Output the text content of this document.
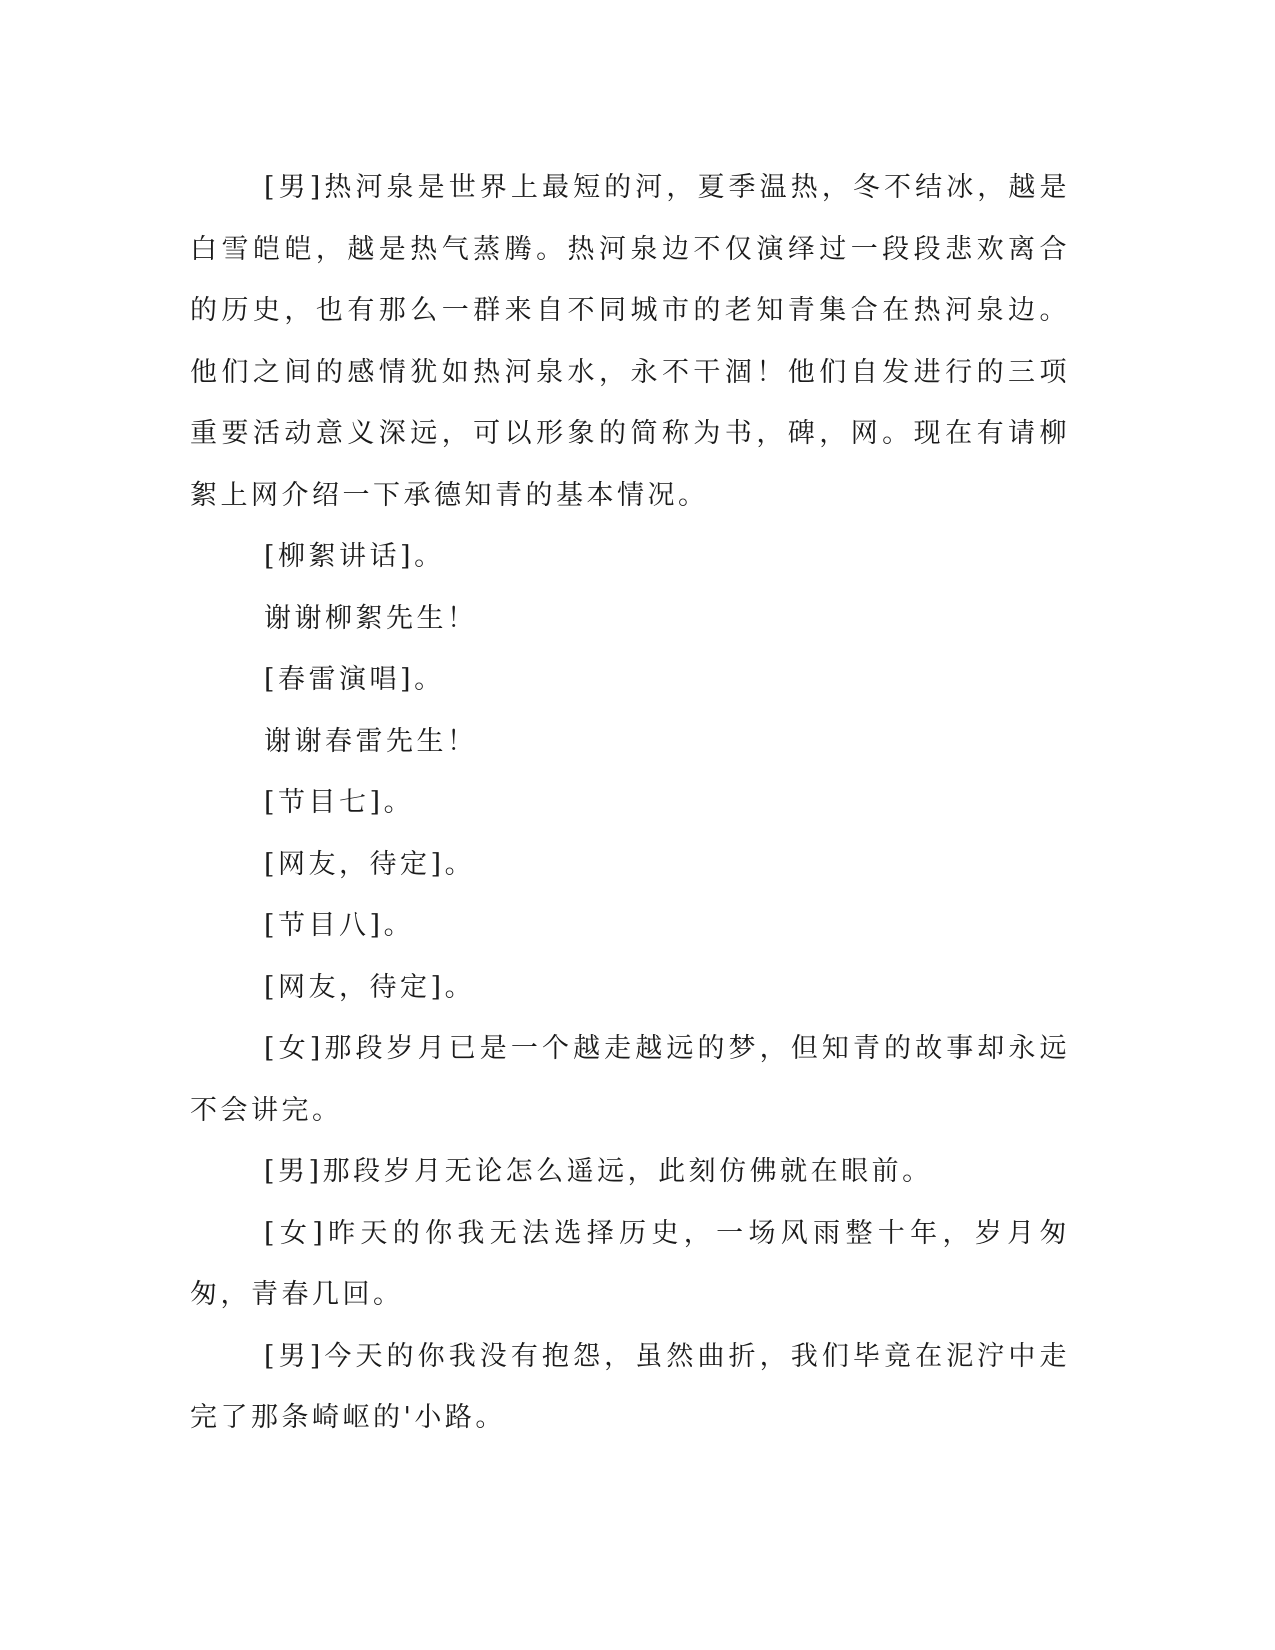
[男]热河泉是世界上最短的河，夏季温热，冬不结冰，越是白雪皑皑，越是热气蒸腾。热河泉边不仅演绎过一段段悲欢离合的历史，也有那么一群来自不同城市的老知青集合在热河泉边。他们之间的感情犹如热河泉水，永不干涸！他们自发进行的三项重要活动意义深远，可以形象的简称为书，碑，网。现在有请柳絮上网介绍一下承德知青的基本情况。

[柳絮讲话]。

谢谢柳絮先生！

[春雷演唱]。

谢谢春雷先生！

[节目七]。

[网友，待定]。

[节目八]。

[网友，待定]。

[女]那段岁月已是一个越走越远的梦，但知青的故事却永远不会讲完。

[男]那段岁月无论怎么遥远，此刻仿佛就在眼前。

[女]昨天的你我无法选择历史，一场风雨整十年，岁月匆匆，青春几回。

[男]今天的你我没有抱怨，虽然曲折，我们毕竟在泥泞中走完了那条崎岖的'小路。
